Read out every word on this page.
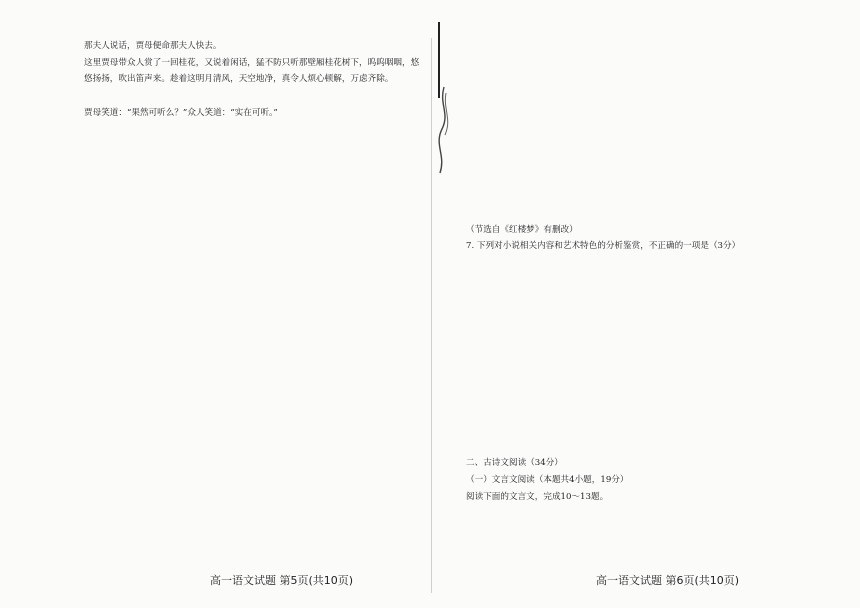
那夫人说话，贾母便命那夫人快去。
这里贾母带众人赏了一回桂花，又说着闲话，猛不防只听那壁厢桂花树下，呜呜咽咽，悠
悠扬扬，吹出笛声来。趁着这明月清风，天空地净，真令人烦心顿解，万虑齐除。
贾母笑道：“果然可听么？”众人笑道：“实在可听。”
（节选自《红楼梦》有删改）
7. 下列对小说相关内容和艺术特色的分析鉴赏，不正确的一项是（3分）
二、古诗文阅读（34分）
（一）文言文阅读（本题共4小题，19分）
阅读下面的文言文，完成10～13题。
高一语文试题 第5页(共10页)	高一语文试题 第6页(共10页)
